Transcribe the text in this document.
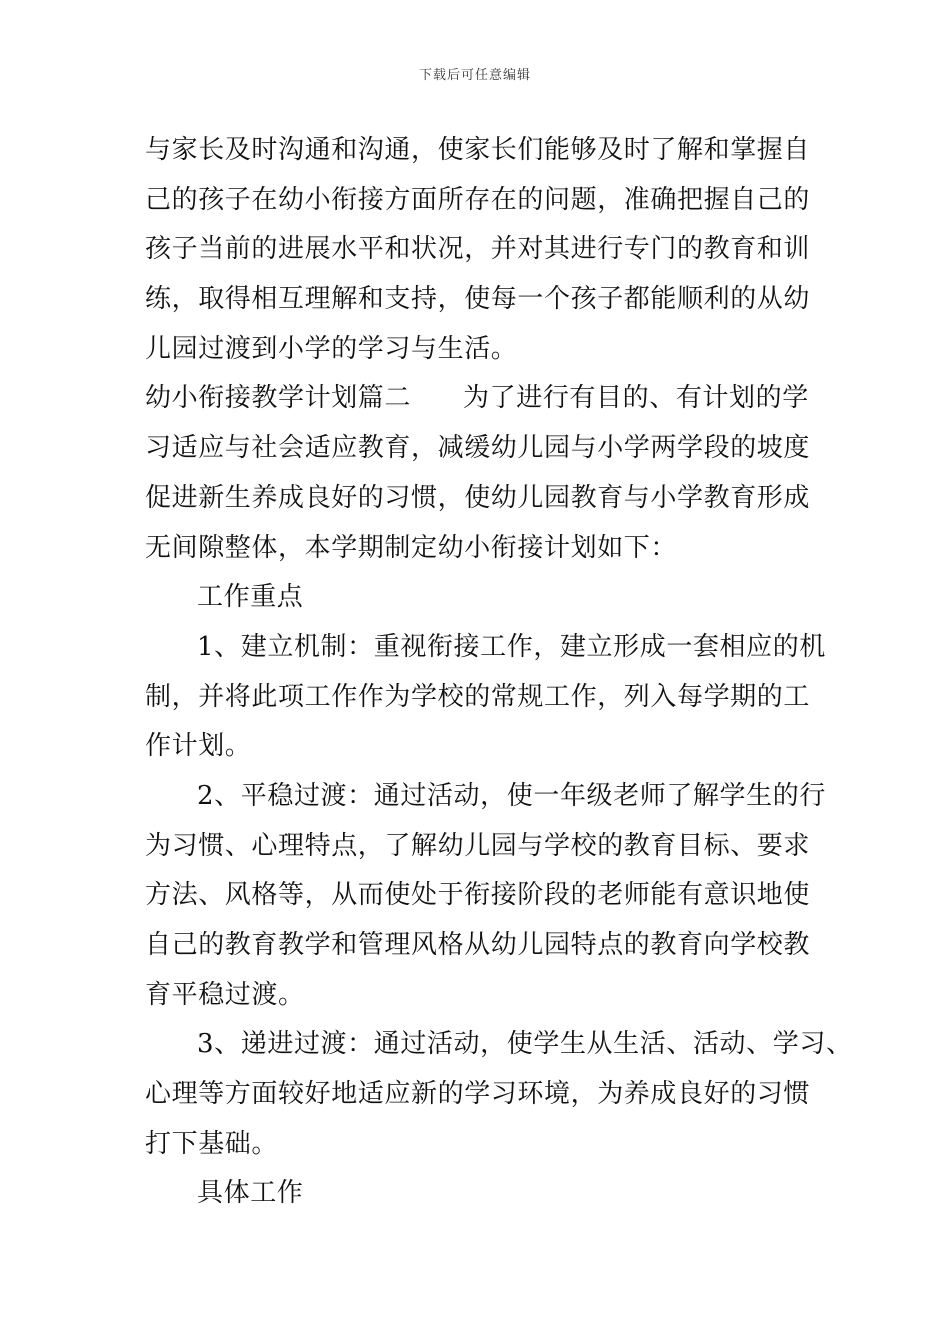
下载后可任意编辑
与家长及时沟通和沟通，使家长们能够及时了解和掌握自
己的孩子在幼小衔接方面所存在的问题，准确把握自己的
孩子当前的进展水平和状况，并对其进行专门的教育和训
练，取得相互理解和支持，使每一个孩子都能顺利的从幼
儿园过渡到小学的学习与生活。
幼小衔接教学计划篇二 为了进行有目的、有计划的学
习适应与社会适应教育，减缓幼儿园与小学两学段的坡度
促进新生养成良好的习惯，使幼儿园教育与小学教育形成
无间隙整体，本学期制定幼小衔接计划如下：
工作重点
1、建立机制：重视衔接工作，建立形成一套相应的机
制，并将此项工作作为学校的常规工作，列入每学期的工
作计划。
2、平稳过渡：通过活动，使一年级老师了解学生的行
为习惯、心理特点，了解幼儿园与学校的教育目标、要求
方法、风格等，从而使处于衔接阶段的老师能有意识地使
自己的教育教学和管理风格从幼儿园特点的教育向学校教
育平稳过渡。
3、递进过渡：通过活动，使学生从生活、活动、学习、
心理等方面较好地适应新的学习环境，为养成良好的习惯
打下基础。
具体工作
